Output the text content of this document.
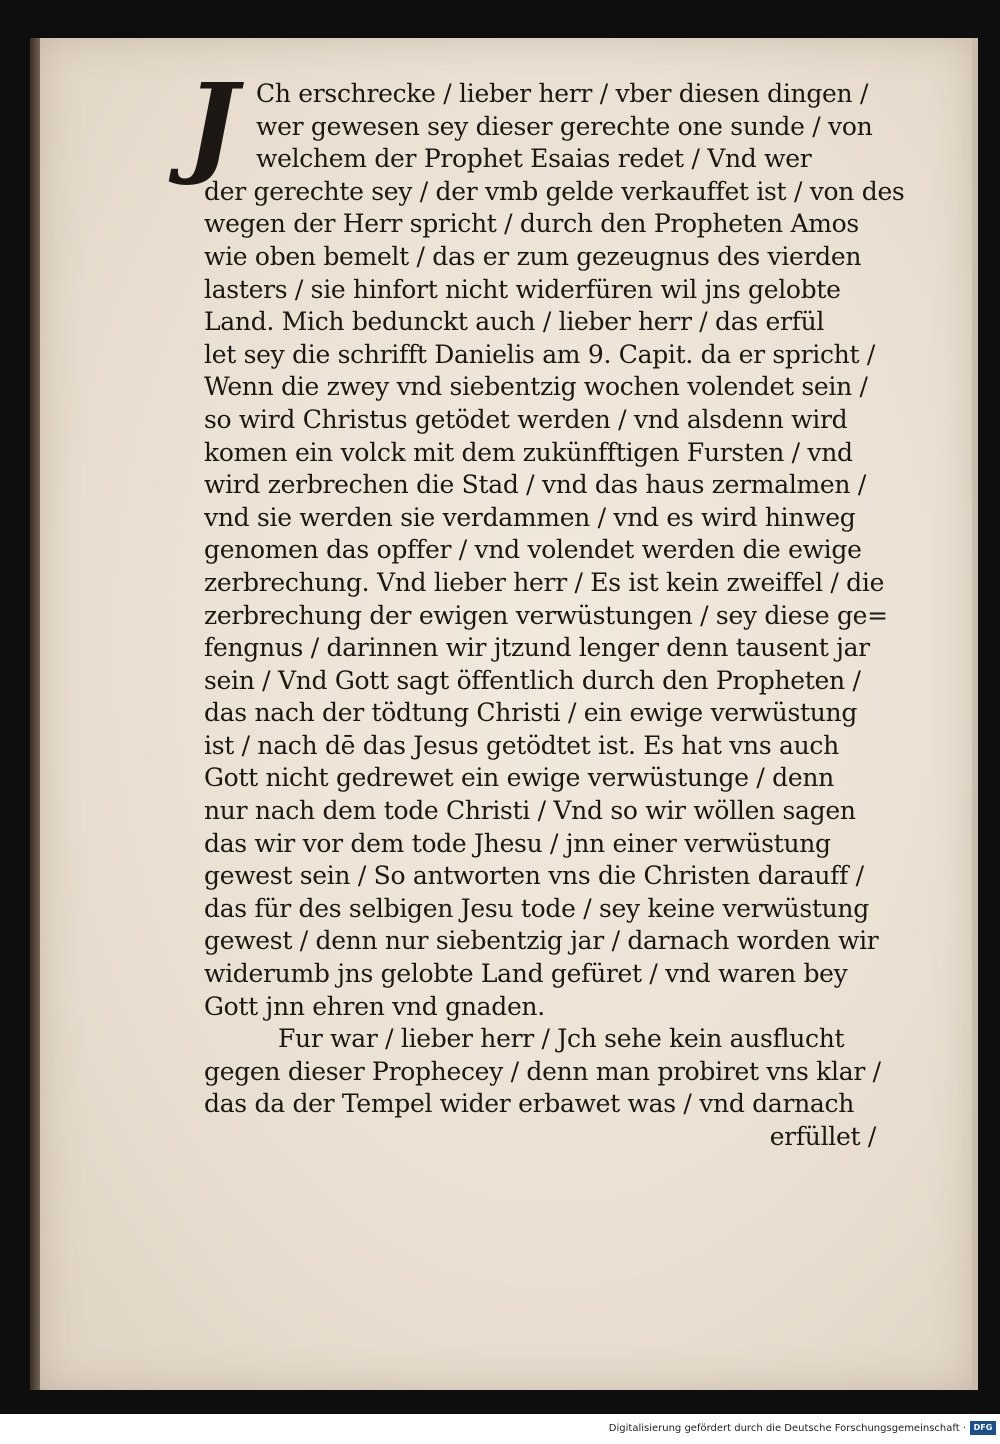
J Ch erschrecke / lieber herr / vber diesen dingen /
wer gewesen sey dieser gerechte one sunde / von
welchem der Prophet Esaias redet / Vnd wer
der gerechte sey / der vmb gelde verkauffet ist / von des
wegen der Herr spricht / durch den Propheten Amos
wie oben bemelt / das er zum gezeugnus des vierden
lasters / sie hinfort nicht widerfüren wil jns gelobte
Land. Mich bedunckt auch / lieber herr / das erfül
let sey die schrifft Danielis am 9. Capit. da er spricht /
Wenn die zwey vnd siebentzig wochen volendet sein /
so wird Christus getödet werden / vnd alsdenn wird
komen ein volck mit dem zukünfftigen Fursten / vnd
wird zerbrechen die Stad / vnd das haus zermalmen /
vnd sie werden sie verdammen / vnd es wird hinweg
genomen das opffer / vnd volendet werden die ewige
zerbrechung. Vnd lieber herr / Es ist kein zweiffel / die
zerbrechung der ewigen verwüstungen / sey diese ge=
fengnus / darinnen wir jtzund lenger denn tausent jar
sein / Vnd Gott sagt öffentlich durch den Propheten /
das nach der tödtung Christi / ein ewige verwüstung
ist / nach dē das Jesus getödtet ist. Es hat vns auch
Gott nicht gedrewet ein ewige verwüstunge / denn
nur nach dem tode Christi / Vnd so wir wöllen sagen
das wir vor dem tode Jhesu / jnn einer verwüstung
gewest sein / So antworten vns die Christen darauff /
das für des selbigen Jesu tode / sey keine verwüstung
gewest / denn nur siebentzig jar / darnach worden wir
widerumb jns gelobte Land gefüret / vnd waren bey
Gott jnn ehren vnd gnaden.
Fur war / lieber herr / Jch sehe kein ausflucht
gegen dieser Prophecey / denn man probiret vns klar /
das da der Tempel wider erbawet was / vnd darnach
erfüllet /
Digitalisierung gefördert durch die Deutsche Forschungsgemeinschaft · DFG
